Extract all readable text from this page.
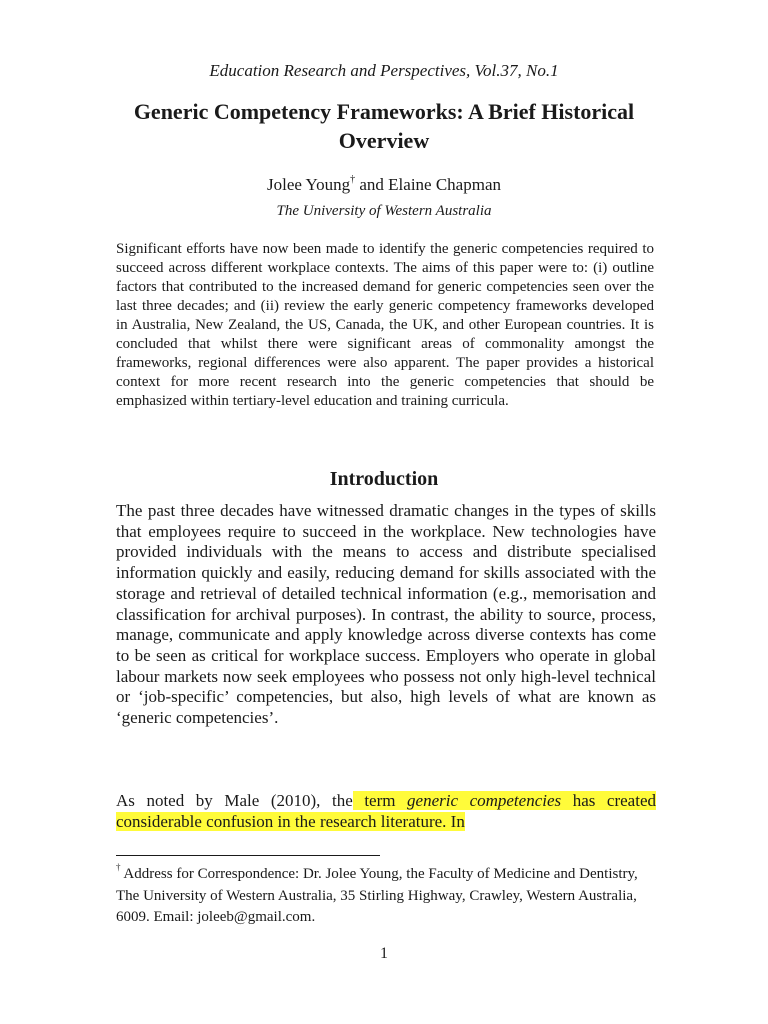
Education Research and Perspectives, Vol.37, No.1
Generic Competency Frameworks: A Brief Historical Overview
Jolee Young† and Elaine Chapman
The University of Western Australia

Significant efforts have now been made to identify the generic competencies required to succeed across different workplace contexts. The aims of this paper were to: (i) outline factors that contributed to the increased demand for generic competencies seen over the last three decades; and (ii) review the early generic competency frameworks developed in Australia, New Zealand, the US, Canada, the UK, and other European countries. It is concluded that whilst there were significant areas of commonality amongst the frameworks, regional differences were also apparent. The paper provides a historical context for more recent research into the generic competencies that should be emphasized within tertiary-level education and training curricula.

Introduction

The past three decades have witnessed dramatic changes in the types of skills that employees require to succeed in the workplace. New technologies have provided individuals with the means to access and distribute specialised information quickly and easily, reducing demand for skills associated with the storage and retrieval of detailed technical information (e.g., memorisation and classification for archival purposes). In contrast, the ability to source, process, manage, communicate and apply knowledge across diverse contexts has come to be seen as critical for workplace success. Employers who operate in global labour markets now seek employees who possess not only high-level technical or ‘job-specific’ competencies, but also, high levels of what are known as ‘generic competencies’.

As noted by Male (2010), the term generic competencies has created considerable confusion in the research literature. In

† Address for Correspondence: Dr. Jolee Young, the Faculty of Medicine and Dentistry, The University of Western Australia, 35 Stirling Highway, Crawley, Western Australia, 6009. Email: joleeb@gmail.com.

1
